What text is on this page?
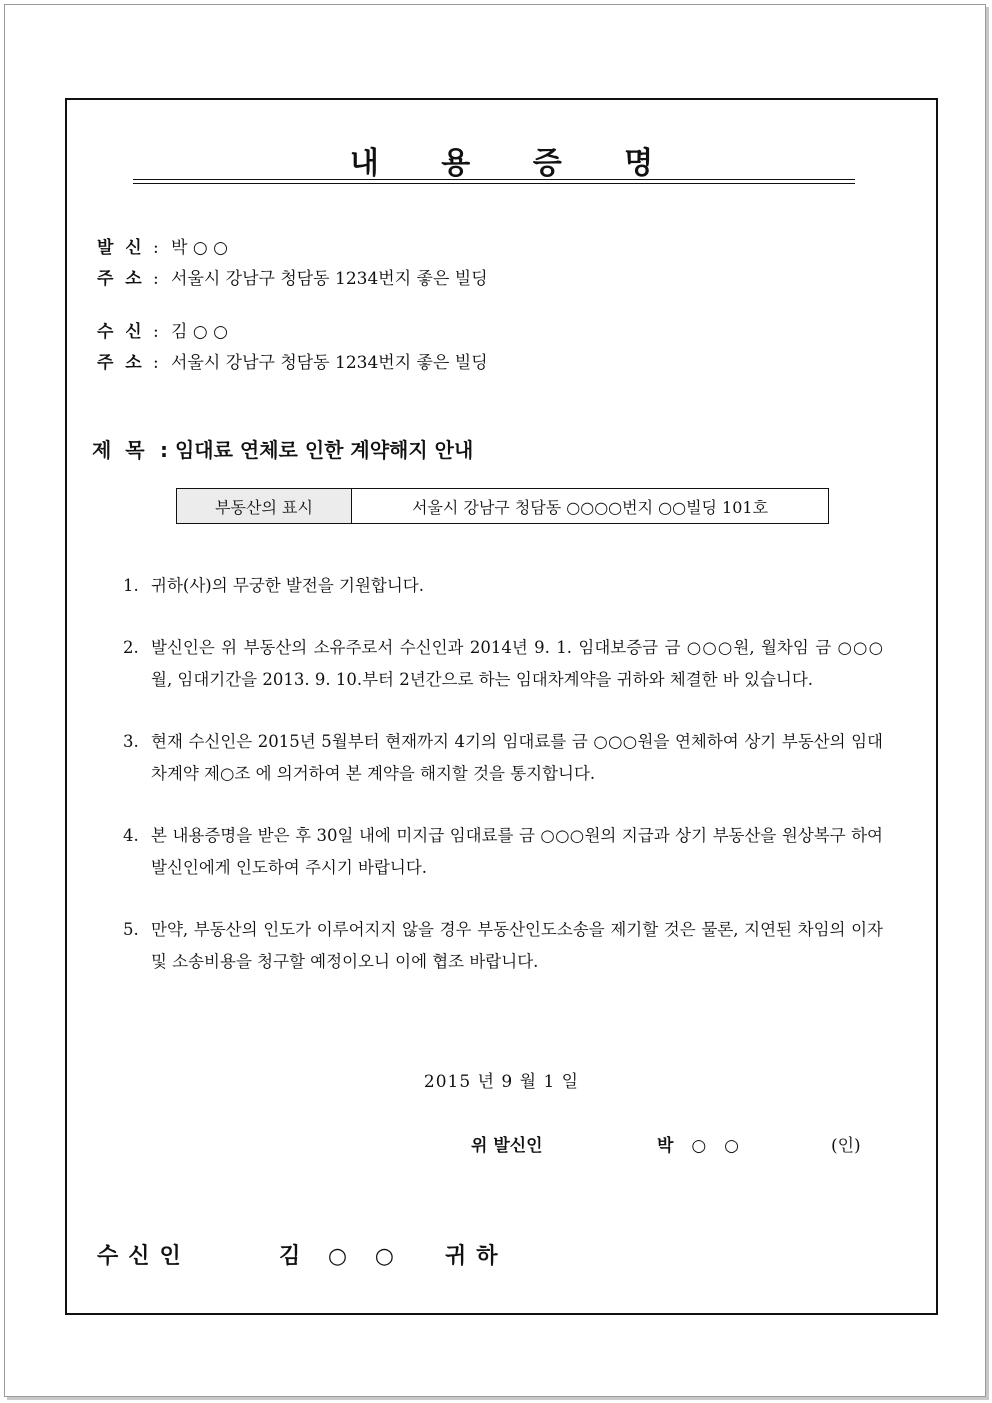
내 용 증 명
발  신 : 박 ○ ○
주  소 : 서울시 강남구 청담동 1234번지 좋은 빌딩
수  신 : 김 ○ ○
주  소 : 서울시 강남구 청담동 1234번지 좋은 빌딩
제  목 : 임대료 연체로 인한 계약해지 안내
부동산의 표시	서울시 강남구 청담동 ○○○○번지 ○○빌딩 101호
1. 귀하(사)의 무궁한 발전을 기원합니다.
2. 발신인은 위 부동산의 소유주로서 수신인과 2014년 9. 1. 임대보증금 금 ○○○원, 월차임 금 ○○○월, 임대기간을 2013. 9. 10.부터 2년간으로 하는 임대차계약을 귀하와 체결한 바 있습니다.
3. 현재 수신인은 2015년 5월부터 현재까지 4기의 임대료를 금 ○○○원을 연체하여 상기 부동산의 임대차계약 제○조 에 의거하여 본 계약을 해지할 것을 통지합니다.
4. 본 내용증명을 받은 후 30일 내에 미지급 임대료를 금 ○○○원의 지급과 상기 부동산을 원상복구 하여 발신인에게 인도하여 주시기 바랍니다.
5. 만약, 부동산의 인도가 이루어지지 않을 경우 부동산인도소송을 제기할 것은 물론, 지연된 차임의 이자 및 소송비용을 청구할 예정이오니 이에 협조 바랍니다.
2015 년 9 월 1 일
위 발신인	박 ○ ○	(인)
수신인	김 ○ ○ 귀하
